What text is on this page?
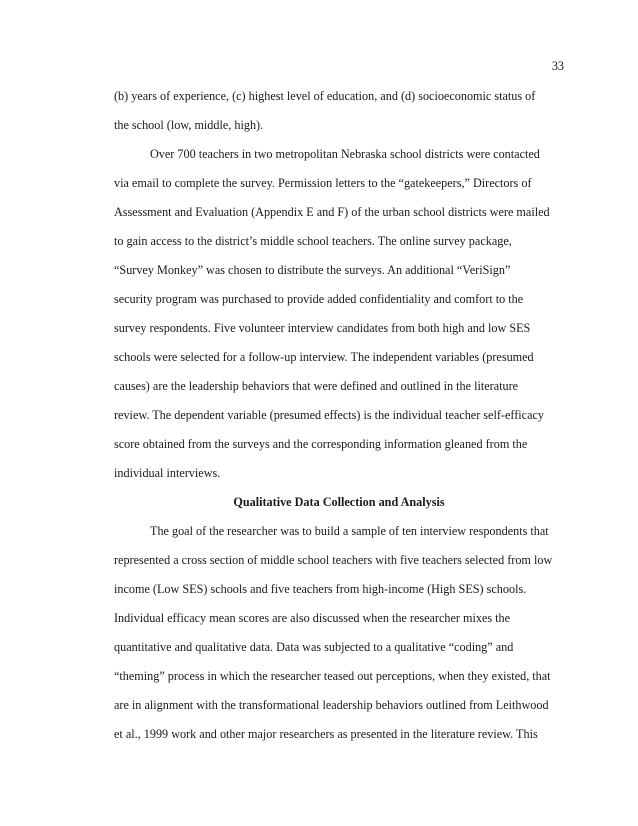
33
(b) years of experience, (c) highest level of education, and (d) socioeconomic status of
the school (low, middle, high).
Over 700 teachers in two metropolitan Nebraska school districts were contacted
via email to complete the survey. Permission letters to the “gatekeepers,” Directors of
Assessment and Evaluation (Appendix E and F) of the urban school districts were mailed
to gain access to the district’s middle school teachers. The online survey package,
“Survey Monkey” was chosen to distribute the surveys. An additional “VeriSign”
security program was purchased to provide added confidentiality and comfort to the
survey respondents. Five volunteer interview candidates from both high and low SES
schools were selected for a follow-up interview. The independent variables (presumed
causes) are the leadership behaviors that were defined and outlined in the literature
review. The dependent variable (presumed effects) is the individual teacher self-efficacy
score obtained from the surveys and the corresponding information gleaned from the
individual interviews.
Qualitative Data Collection and Analysis
The goal of the researcher was to build a sample of ten interview respondents that
represented a cross section of middle school teachers with five teachers selected from low
income (Low SES) schools and five teachers from high-income (High SES) schools.
Individual efficacy mean scores are also discussed when the researcher mixes the
quantitative and qualitative data. Data was subjected to a qualitative “coding” and
“theming” process in which the researcher teased out perceptions, when they existed, that
are in alignment with the transformational leadership behaviors outlined from Leithwood
et al., 1999 work and other major researchers as presented in the literature review. This
